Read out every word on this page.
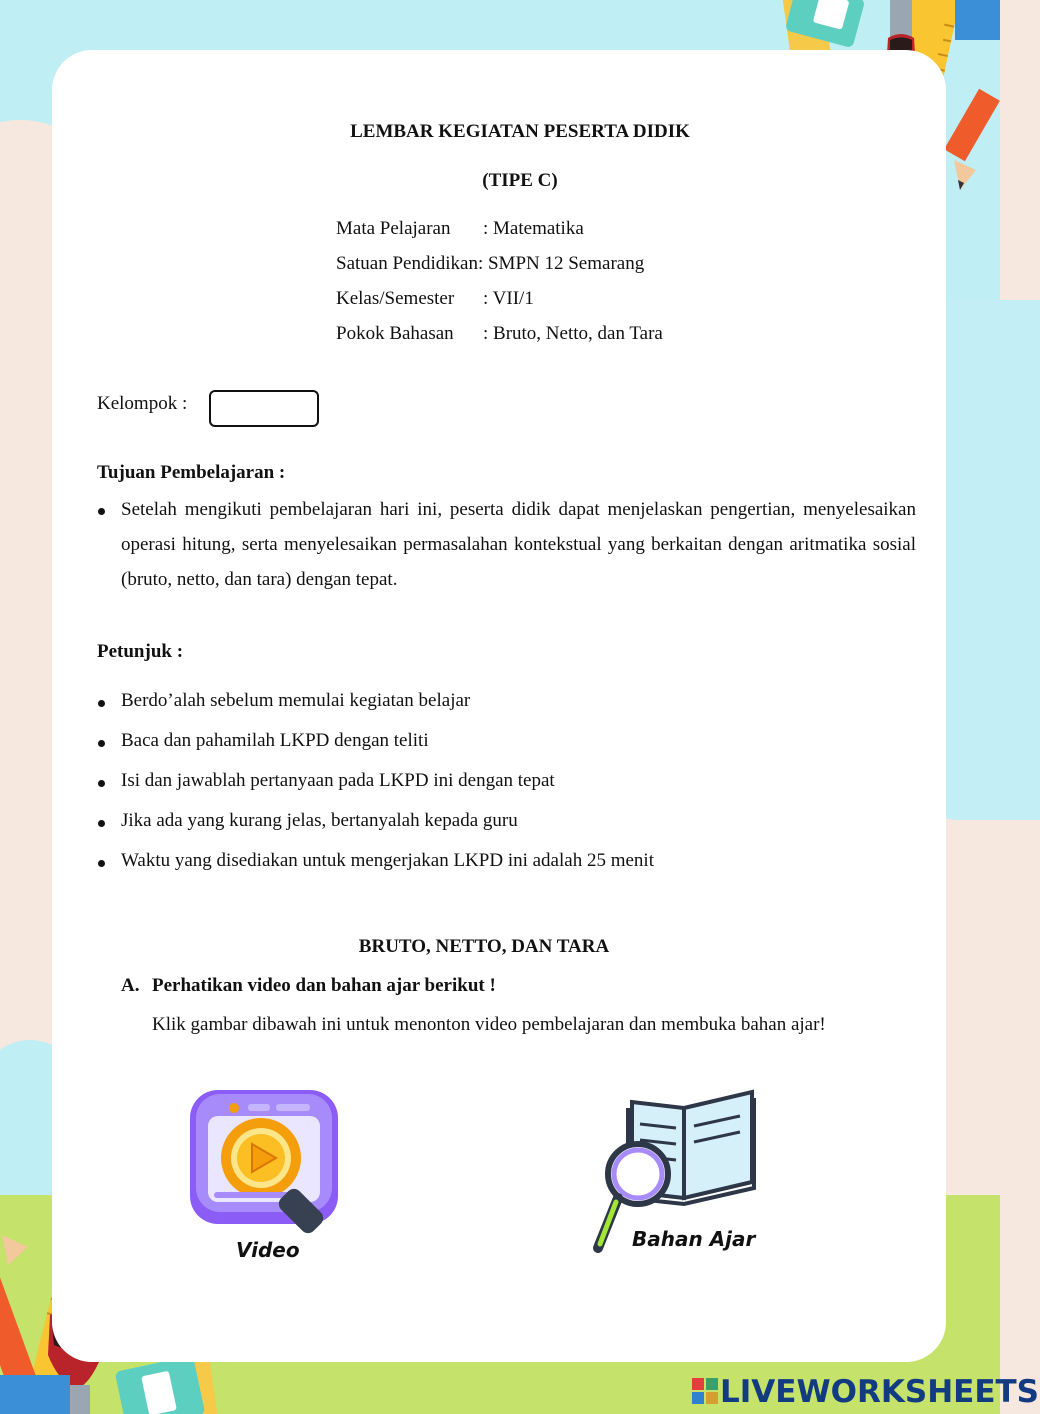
LEMBAR KEGIATAN PESERTA DIDIK
(TIPE C)
Mata Pelajaran : Matematika
Satuan Pendidikan: SMPN 12 Semarang
Kelas/Semester : VII/1
Pokok Bahasan : Bruto, Netto, dan Tara
Kelompok :
Tujuan Pembelajaran :
Setelah mengikuti pembelajaran hari ini, peserta didik dapat menjelaskan pengertian, menyelesaikan operasi hitung, serta menyelesaikan permasalahan kontekstual yang berkaitan dengan aritmatika sosial (bruto, netto, dan tara) dengan tepat.
Petunjuk :
Berdo’alah sebelum memulai kegiatan belajar
Baca dan pahamilah LKPD dengan teliti
Isi dan jawablah pertanyaan pada LKPD ini dengan tepat
Jika ada yang kurang jelas, bertanyalah kepada guru
Waktu yang disediakan untuk mengerjakan LKPD ini adalah 25 menit
BRUTO, NETTO, DAN TARA
A. Perhatikan video dan bahan ajar berikut !
Klik gambar dibawah ini untuk menonton video pembelajaran dan membuka bahan ajar!
Video	Bahan Ajar
LIVEWORKSHEETS
